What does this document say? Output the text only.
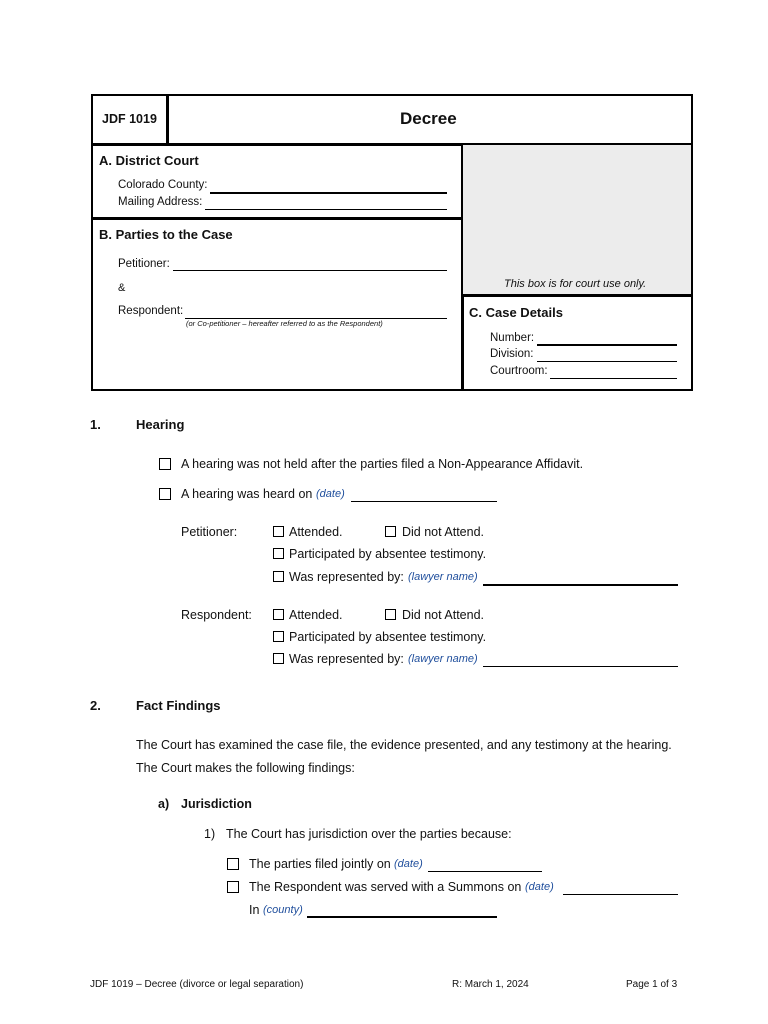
JDF 1019	Decree
A. District Court
Colorado County:
Mailing Address:
B. Parties to the Case
Petitioner:
&
Respondent:
(or Co-petitioner – hereafter referred to as the Respondent)
This box is for court use only.
C. Case Details
Number:
Division:
Courtroom:
1.	Hearing
A hearing was not held after the parties filed a Non-Appearance Affidavit.
A hearing was heard on (date)
Petitioner:	Attended.	Did not Attend.
Participated by absentee testimony.
Was represented by: (lawyer name)
Respondent:	Attended.	Did not Attend.
Participated by absentee testimony.
Was represented by: (lawyer name)
2.	Fact Findings
The Court has examined the case file, the evidence presented, and any testimony at the hearing.
The Court makes the following findings:
a) Jurisdiction
1) The Court has jurisdiction over the parties because:
The parties filed jointly on (date)
The Respondent was served with a Summons on (date)
In (county)
JDF 1019 – Decree (divorce or legal separation)	R: March 1, 2024	Page 1 of 3
